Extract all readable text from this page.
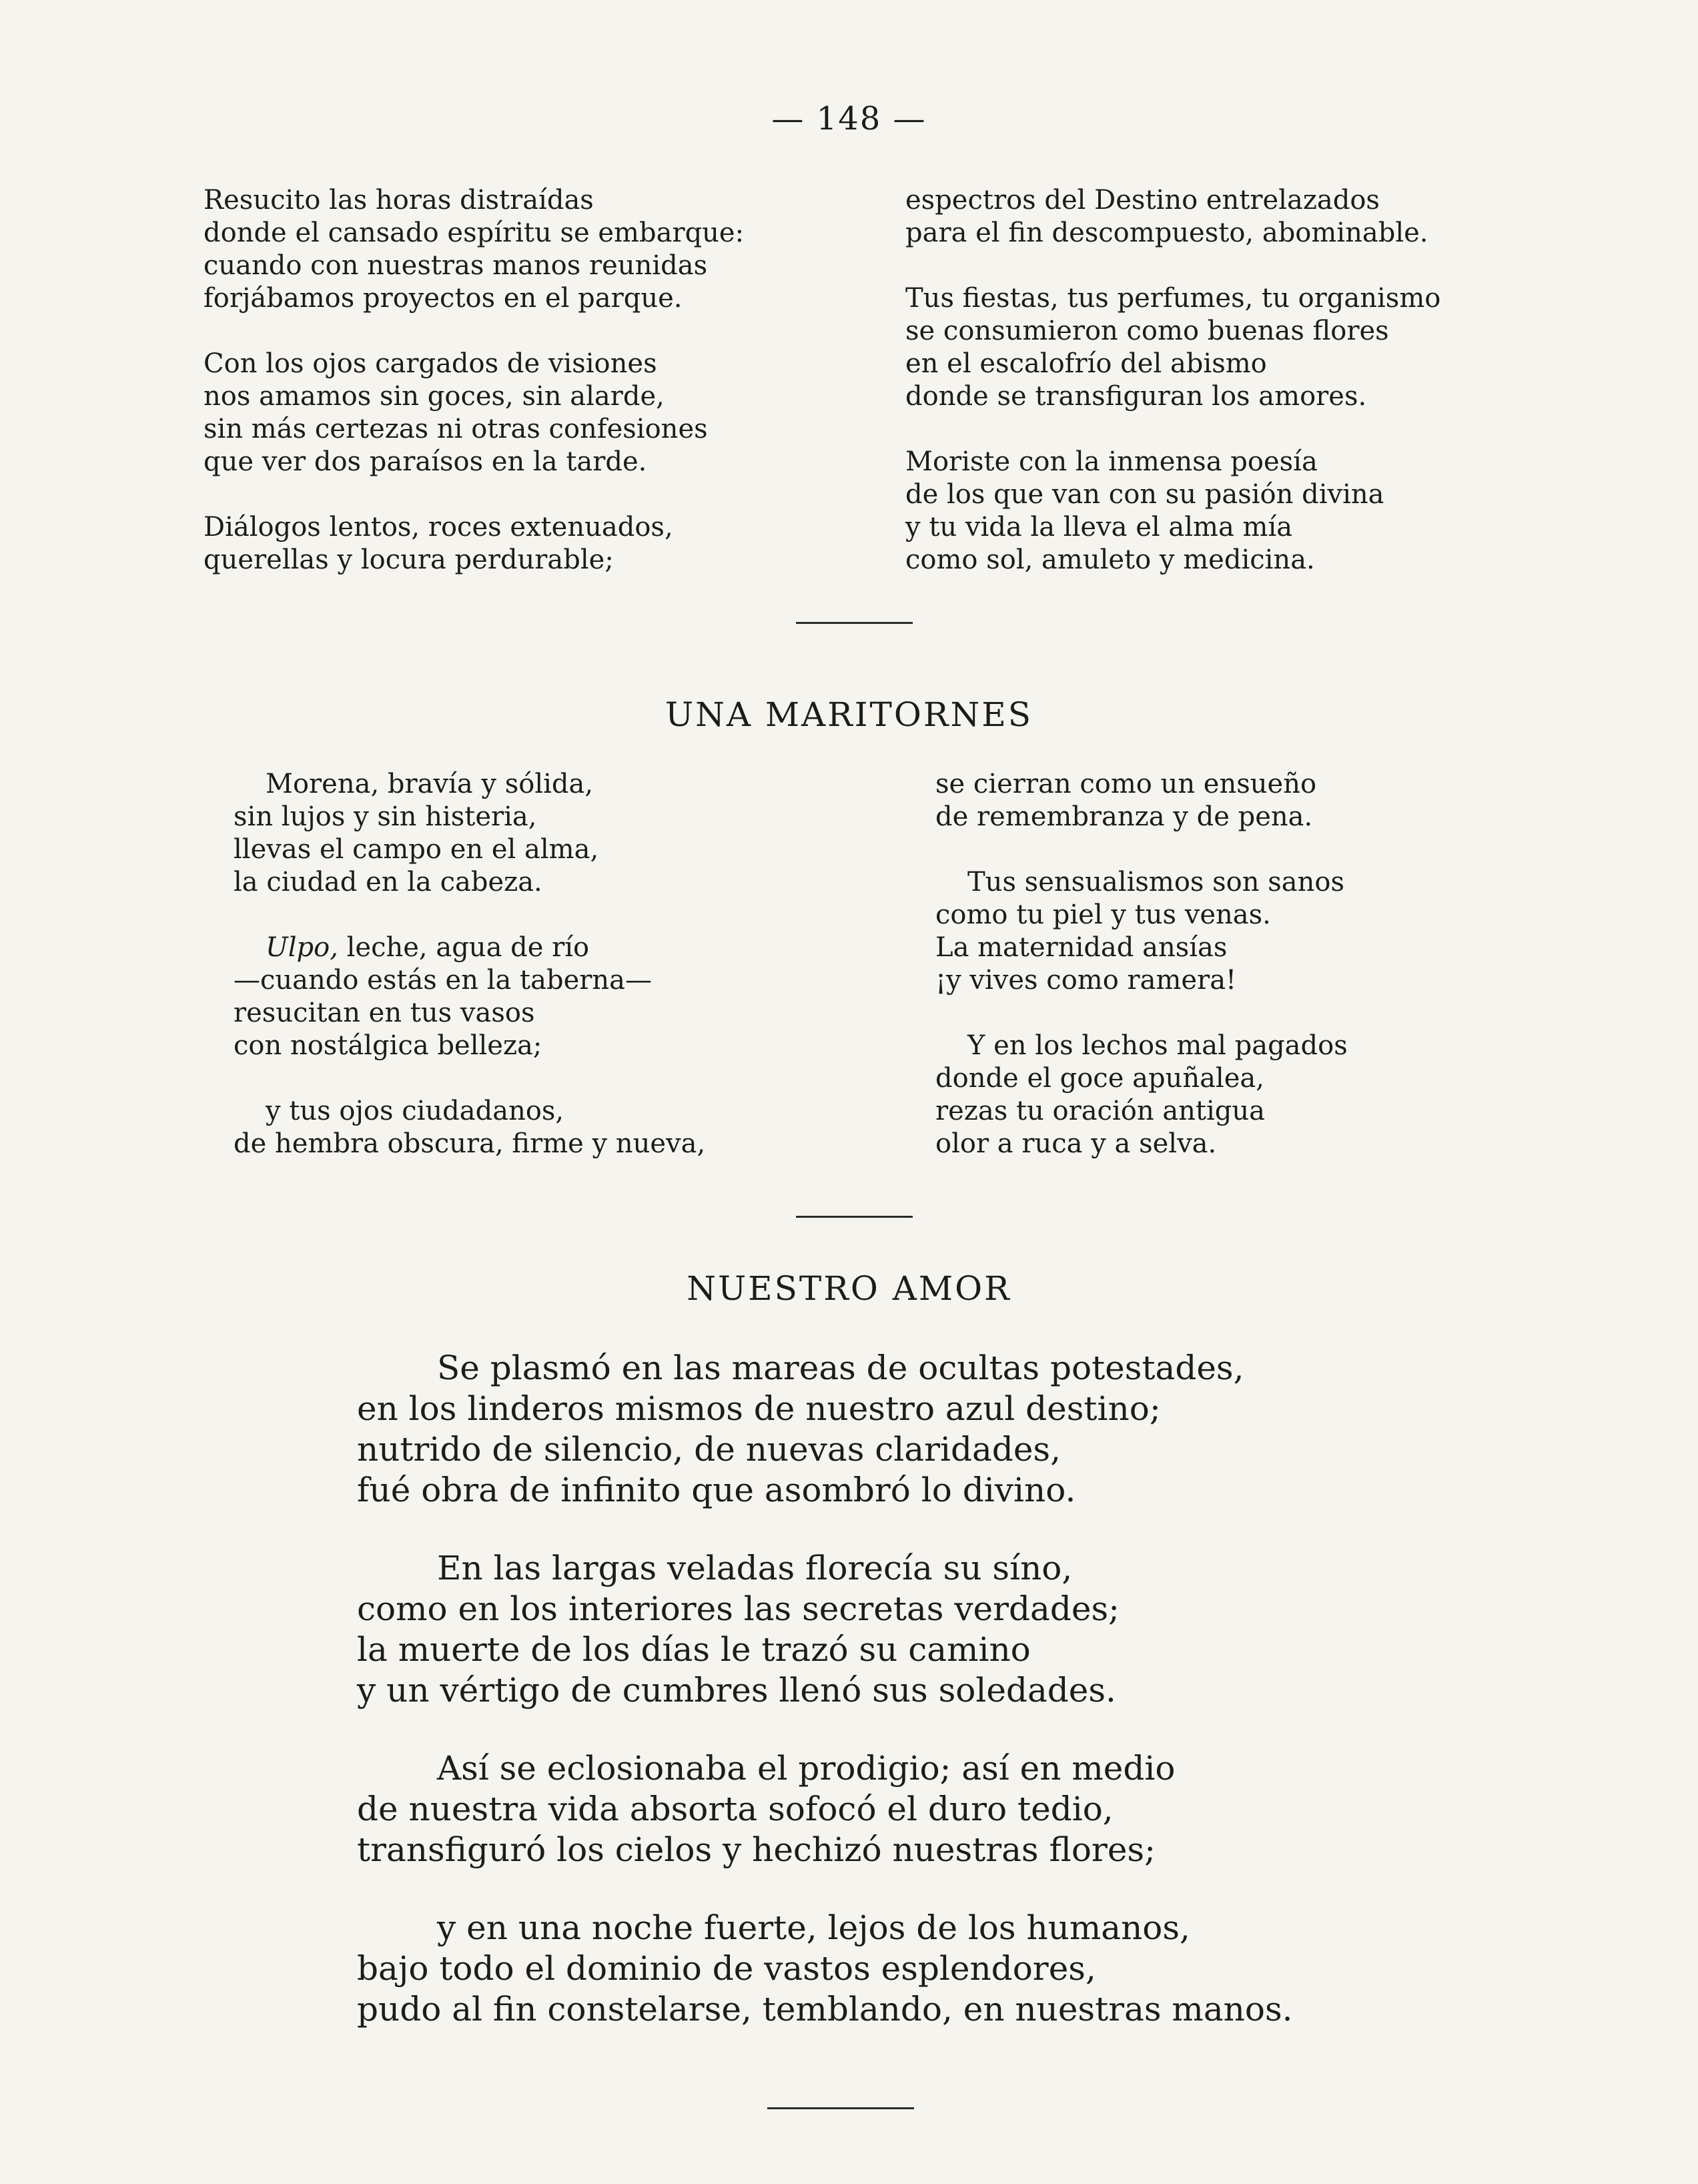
— 148 —
Resucito las horas distraídas
donde el cansado espíritu se embarque:
cuando con nuestras manos reunidas
forjábamos proyectos en el parque.
Con los ojos cargados de visiones
nos amamos sin goces, sin alarde,
sin más certezas ni otras confesiones
que ver dos paraísos en la tarde.
Diálogos lentos, roces extenuados,
querellas y locura perdurable;
espectros del Destino entrelazados
para el fin descompuesto, abominable.
Tus fiestas, tus perfumes, tu organismo
se consumieron como buenas flores
en el escalofrío del abismo
donde se transfiguran los amores.
Moriste con la inmensa poesía
de los que van con su pasión divina
y tu vida la lleva el alma mía
como sol, amuleto y medicina.
UNA MARITORNES
Morena, bravía y sólida,
sin lujos y sin histeria,
llevas el campo en el alma,
la ciudad en la cabeza.
Ulpo, leche, agua de río
—cuando estás en la taberna—
resucitan en tus vasos
con nostálgica belleza;
y tus ojos ciudadanos,
de hembra obscura, firme y nueva,
se cierran como un ensueño
de remembranza y de pena.
Tus sensualismos son sanos
como tu piel y tus venas.
La maternidad ansías
¡y vives como ramera!
Y en los lechos mal pagados
donde el goce apuñalea,
rezas tu oración antigua
olor a ruca y a selva.
NUESTRO AMOR
Se plasmó en las mareas de ocultas potestades,
en los linderos mismos de nuestro azul destino;
nutrido de silencio, de nuevas claridades,
fué obra de infinito que asombró lo divino.
En las largas veladas florecía su síno,
como en los interiores las secretas verdades;
la muerte de los días le trazó su camino
y un vértigo de cumbres llenó sus soledades.
Así se eclosionaba el prodigio; así en medio
de nuestra vida absorta sofocó el duro tedio,
transfiguró los cielos y hechizó nuestras flores;
y en una noche fuerte, lejos de los humanos,
bajo todo el dominio de vastos esplendores,
pudo al fin constelarse, temblando, en nuestras manos.
